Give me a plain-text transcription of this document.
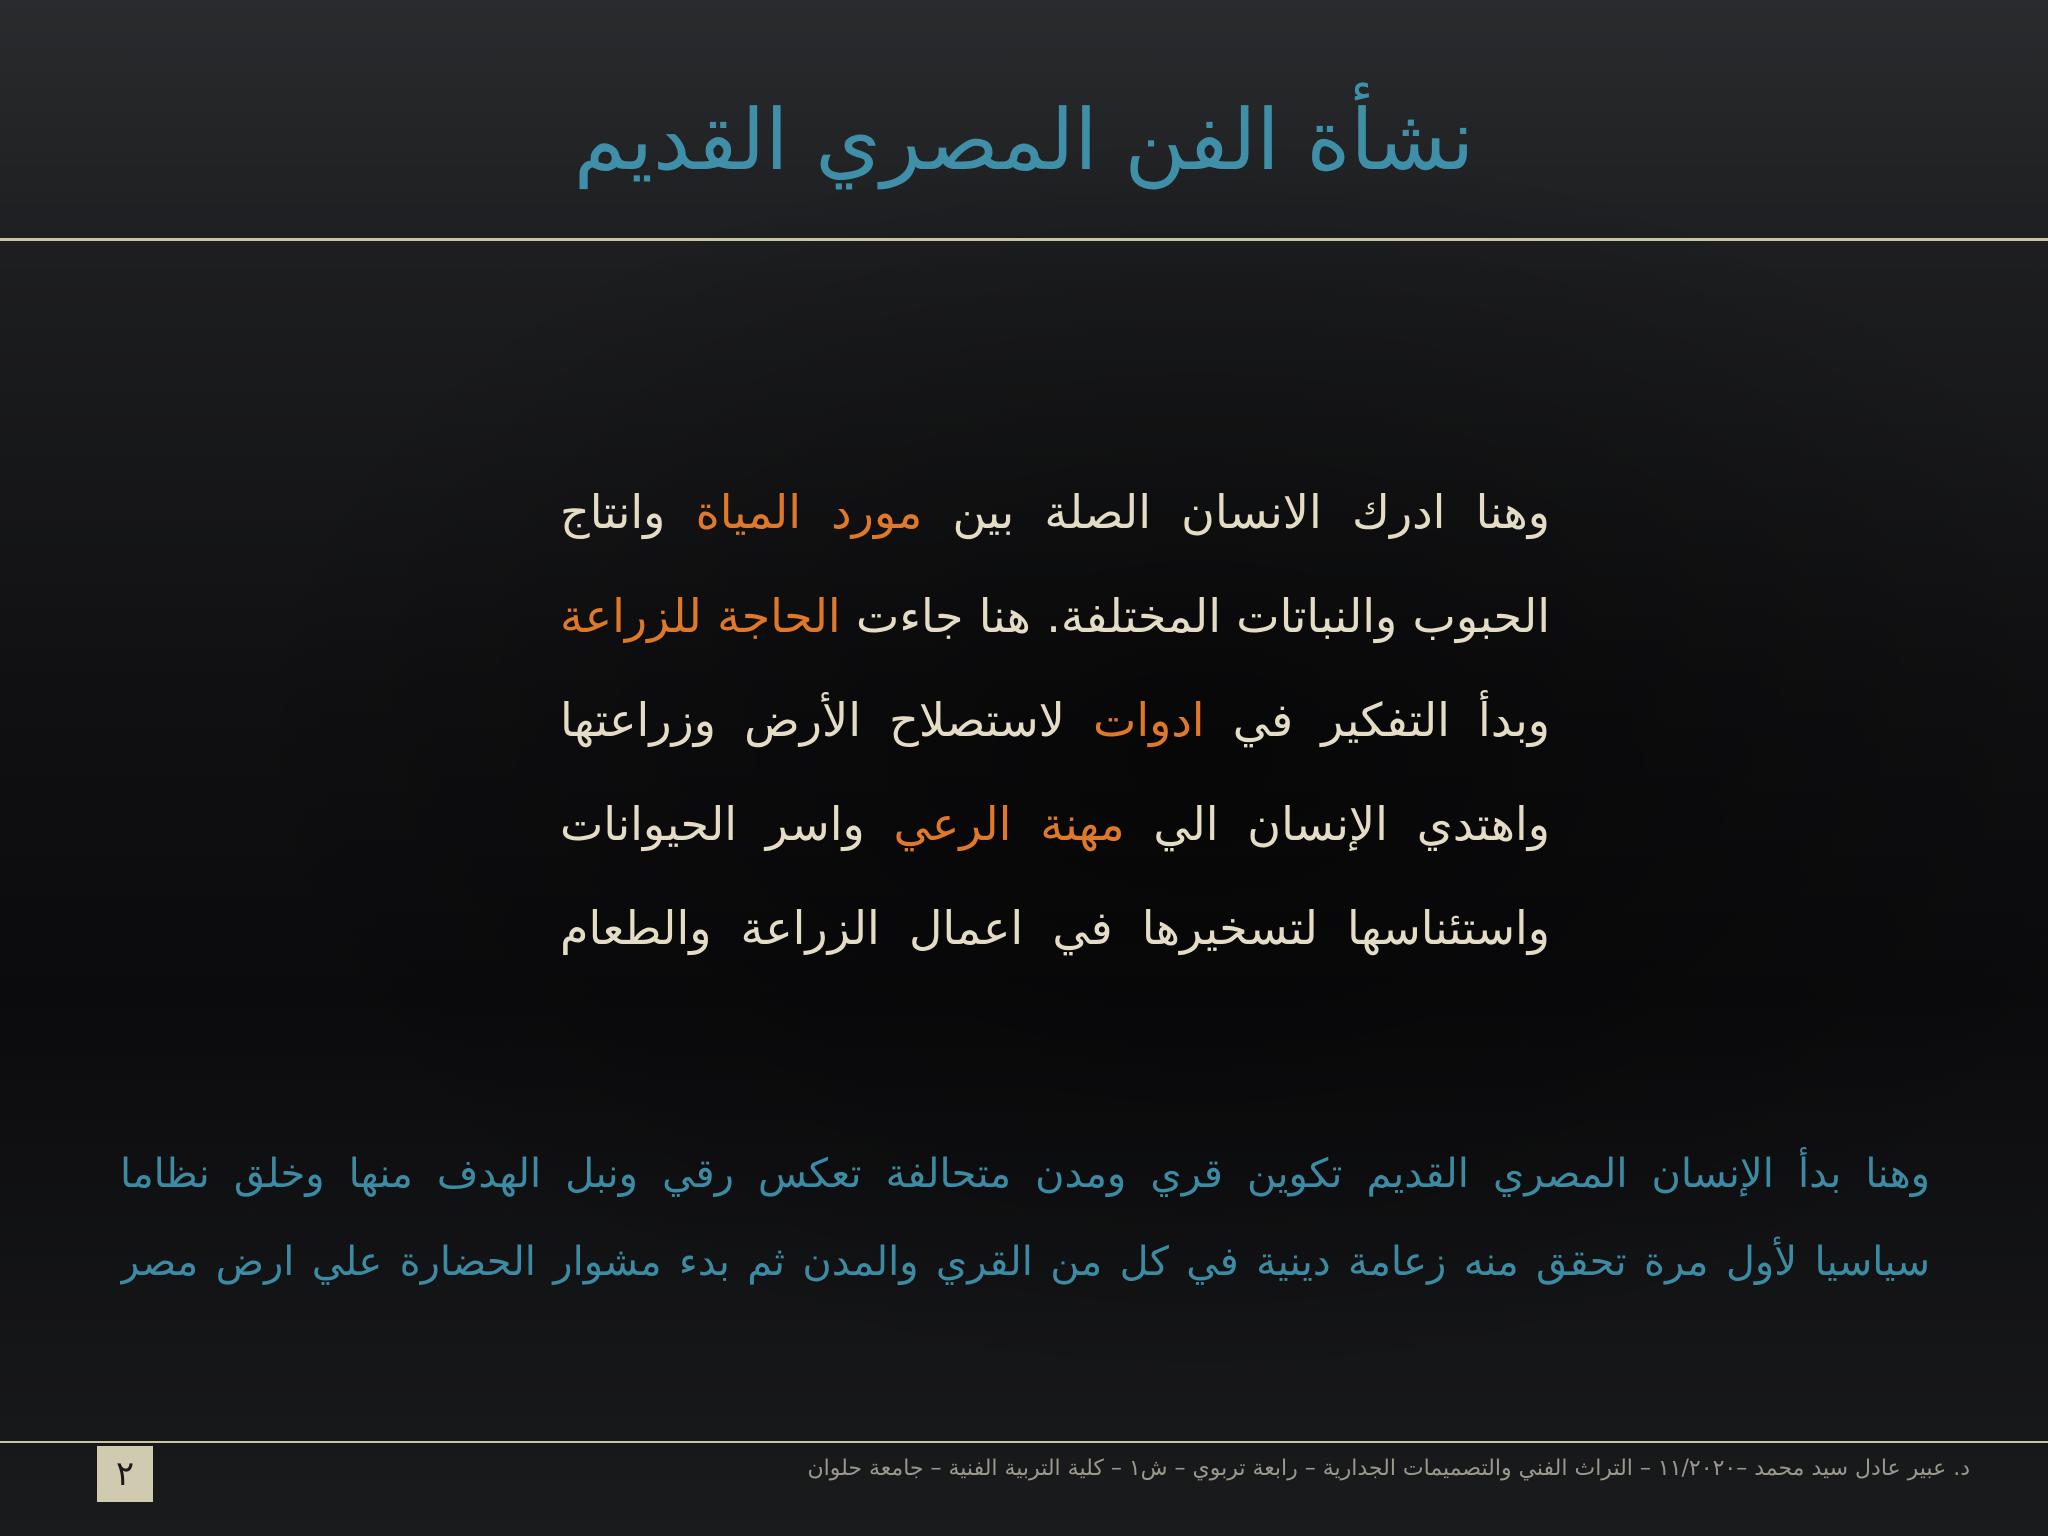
نشأة الفن المصري القديم
وهنا ادرك الانسان الصلة بين مورد المياة وانتاج
الحبوب والنباتات المختلفة. هنا جاءت الحاجة للزراعة
وبدأ التفكير في ادوات لاستصلاح الأرض وزراعتها
واهتدي الإنسان الي مهنة الرعي واسر الحيوانات
واستئناسها لتسخيرها في اعمال الزراعة والطعام
وهنا بدأ الإنسان المصري القديم تكوين قري ومدن متحالفة تعكس رقي ونبل الهدف منها وخلق نظاما
سياسيا لأول مرة تحقق منه زعامة دينية في كل من القري والمدن ثم بدء مشوار الحضارة علي ارض مصر
٢	د. عبير عادل سيد محمد –١١/٢٠٢٠ – التراث الفني والتصميمات الجدارية – رابعة تربوي – ش١ – كلية التربية الفنية – جامعة حلوان
